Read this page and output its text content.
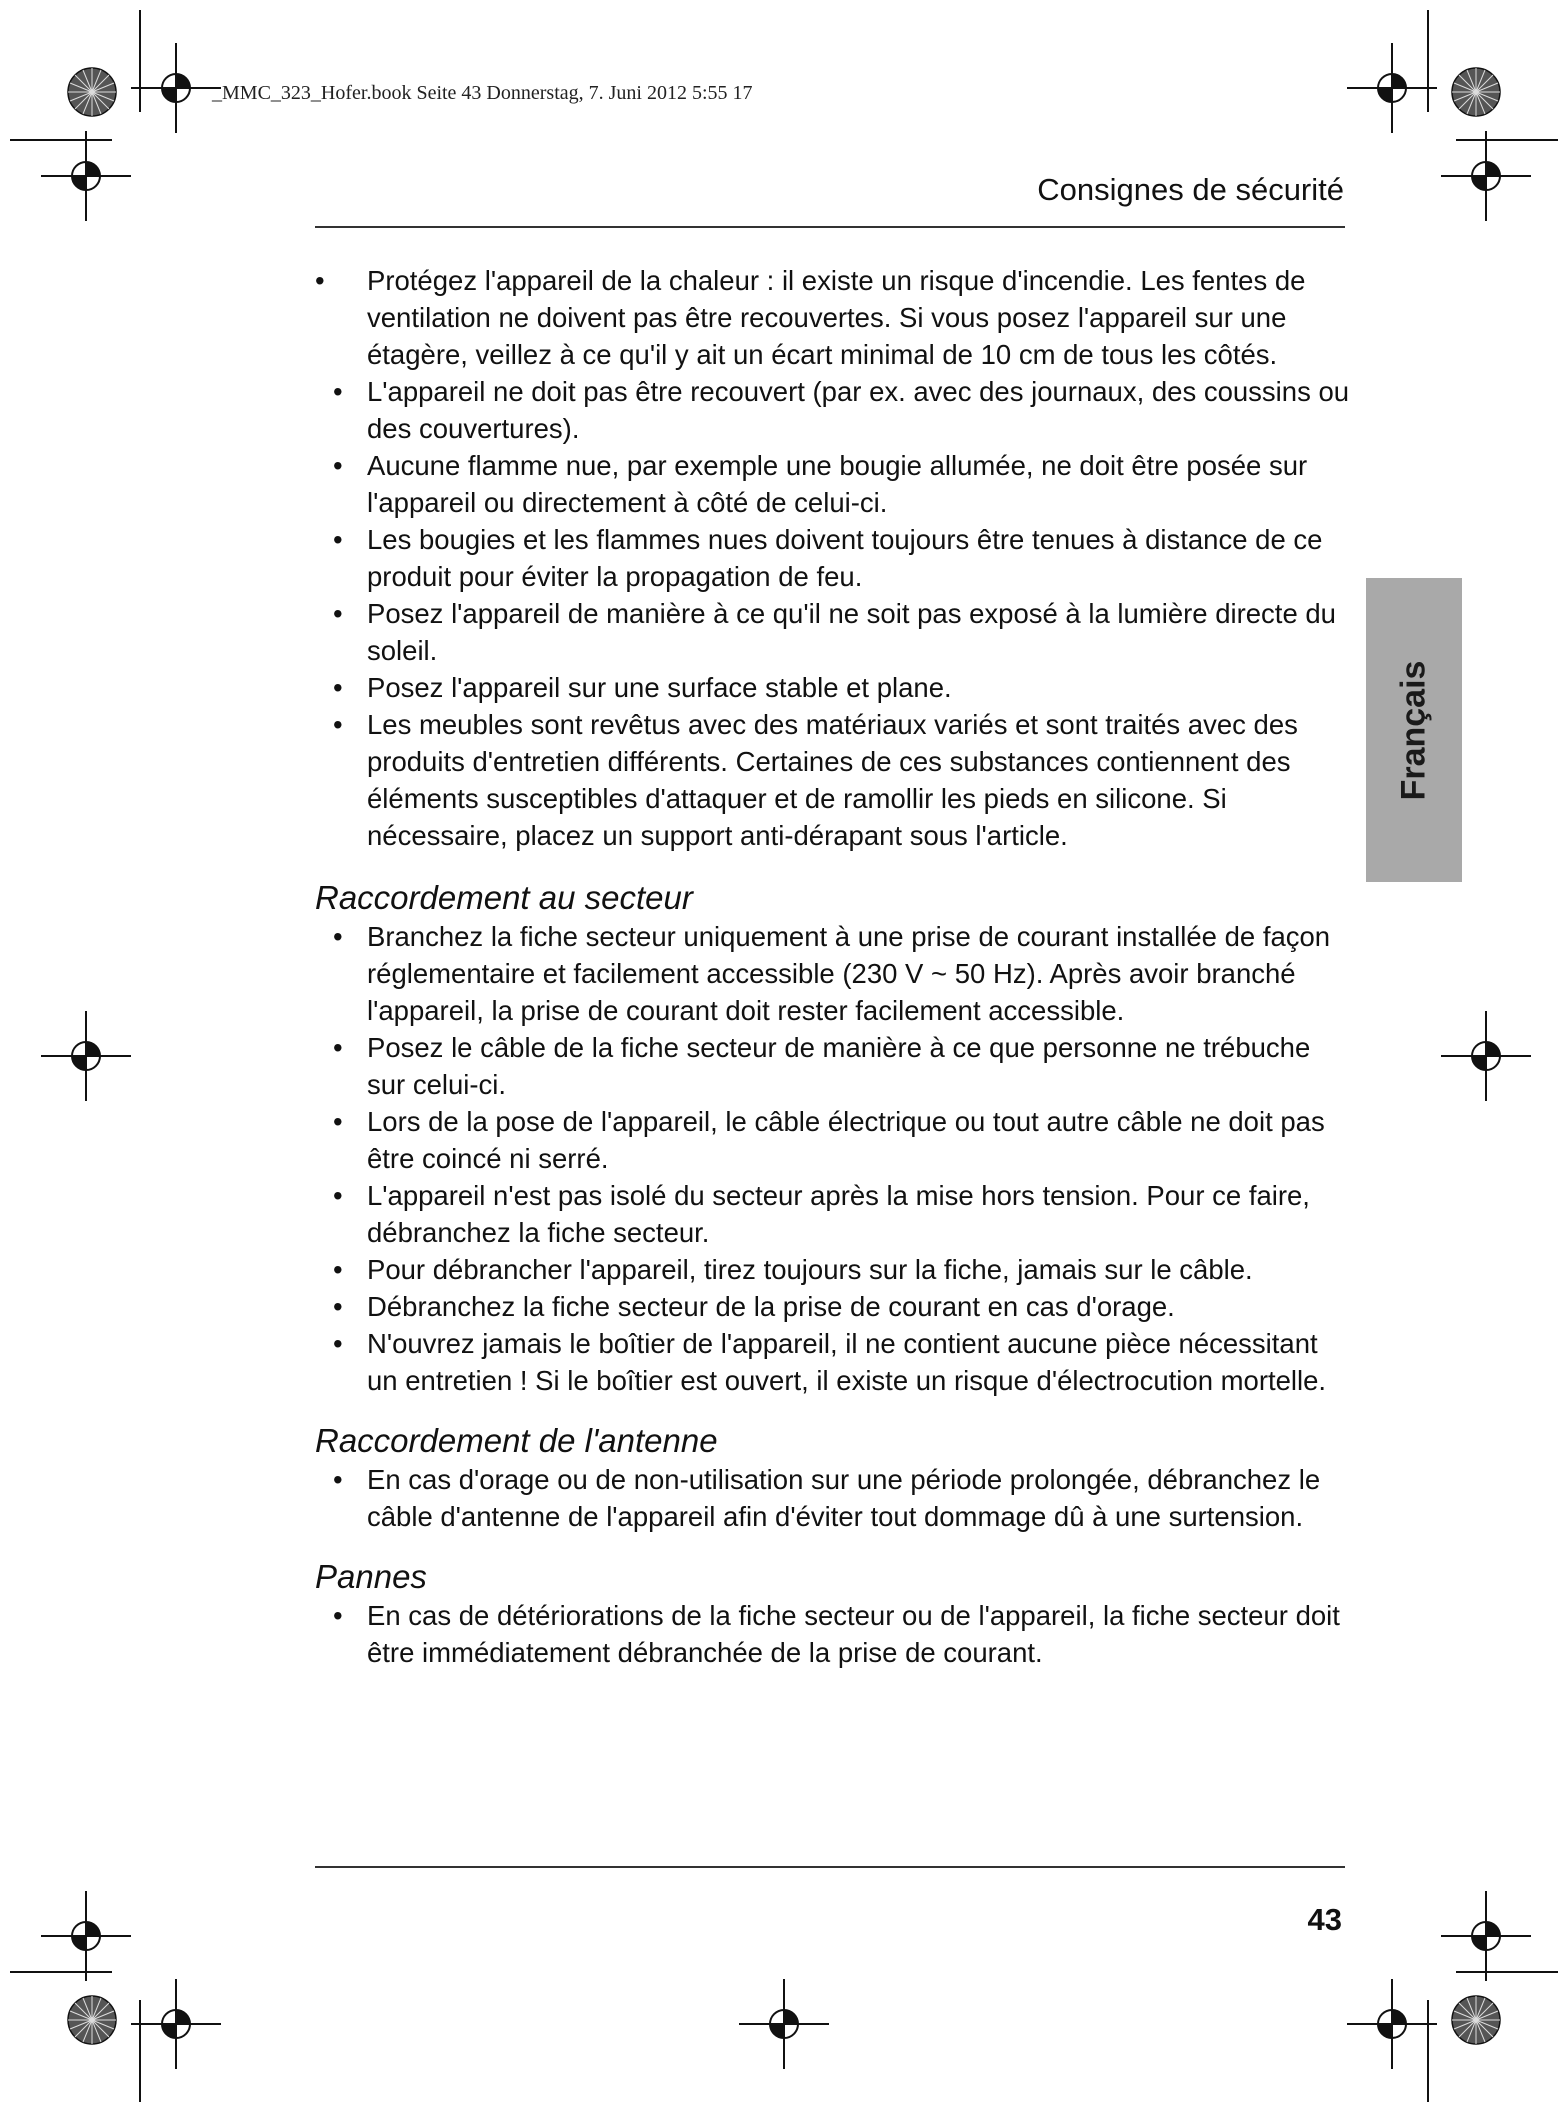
_MMC_323_Hofer.book Seite 43 Donnerstag, 7. Juni 2012 5:55 17
Consignes de sécurité
Français

• Protégez l'appareil de la chaleur : il existe un risque d'incendie. Les fentes de ventilation ne doivent pas être recouvertes. Si vous posez l'appareil sur une étagère, veillez à ce qu'il y ait un écart minimal de 10 cm de tous les côtés.

• L'appareil ne doit pas être recouvert (par ex. avec des journaux, des coussins ou des couvertures).

• Aucune flamme nue, par exemple une bougie allumée, ne doit être posée sur l'appareil ou directement à côté de celui-ci.

• Les bougies et les flammes nues doivent toujours être tenues à distance de ce produit pour éviter la propagation de feu.

• Posez l'appareil de manière à ce qu'il ne soit pas exposé à la lumière directe du soleil.

• Posez l'appareil sur une surface stable et plane.

• Les meubles sont revêtus avec des matériaux variés et sont traités avec des produits d'entretien différents. Certaines de ces substances contiennent des éléments susceptibles d'attaquer et de ramollir les pieds en silicone. Si nécessaire, placez un support anti-dérapant sous l'article.

Raccordement au secteur

• Branchez la fiche secteur uniquement à une prise de courant installée de façon réglementaire et facilement accessible (230 V ~ 50 Hz). Après avoir branché l'appareil, la prise de courant doit rester facilement accessible.

• Posez le câble de la fiche secteur de manière à ce que personne ne trébuche sur celui-ci.

• Lors de la pose de l'appareil, le câble électrique ou tout autre câble ne doit pas être coincé ni serré.

• L'appareil n'est pas isolé du secteur après la mise hors tension. Pour ce faire, débranchez la fiche secteur.

• Pour débrancher l'appareil, tirez toujours sur la fiche, jamais sur le câble.

• Débranchez la fiche secteur de la prise de courant en cas d'orage.

• N'ouvrez jamais le boîtier de l'appareil, il ne contient aucune pièce nécessitant un entretien ! Si le boîtier est ouvert, il existe un risque d'électrocution mortelle.

Raccordement de l'antenne

• En cas d'orage ou de non-utilisation sur une période prolongée, débranchez le câble d'antenne de l'appareil afin d'éviter tout dommage dû à une surtension.

Pannes

• En cas de détériorations de la fiche secteur ou de l'appareil, la fiche secteur doit être immédiatement débranchée de la prise de courant.

43
